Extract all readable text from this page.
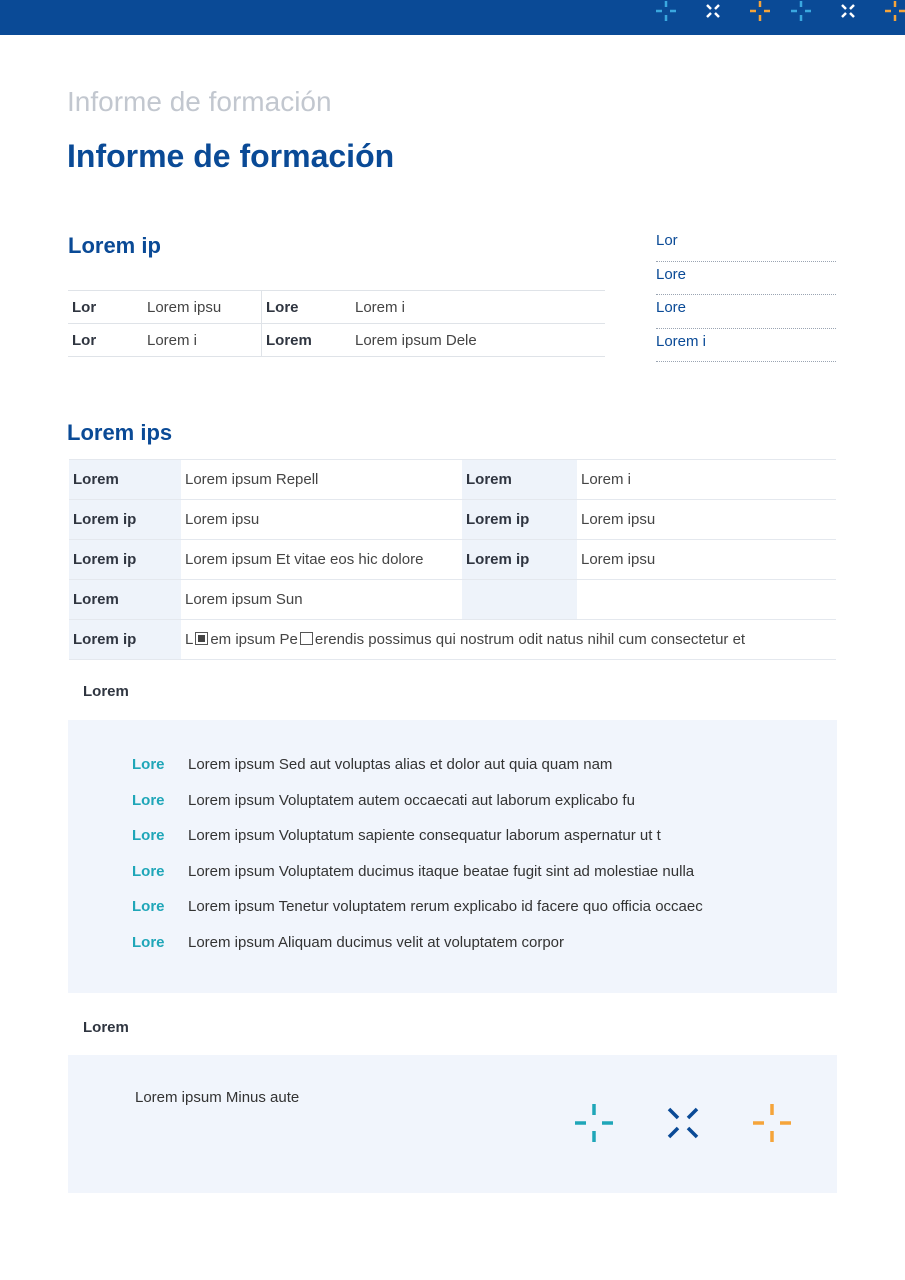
Informe de formación
Informe de formación
Lorem ip
Lor	Lorem ipsu	Lore	Lorem i
Lor	Lorem i	Lorem	Lorem ipsum Dele
Lor
Lore
Lore
Lorem i
Lorem ips
Lorem	Lorem ipsum Repell	Lorem	Lorem i
Lorem ip	Lorem ipsu	Lorem ip	Lorem ipsu
Lorem ip	Lorem ipsum Et vitae eos hic dolore	Lorem ip	Lorem ipsu
Lorem	Lorem ipsum Sun		
Lorem ip	L em ipsum Pe erendis possimus qui nostrum odit natus nihil cum consectetur et		
Lorem
Lore	Lorem ipsum Sed aut voluptas alias et dolor aut quia quam nam
Lore	Lorem ipsum Voluptatem autem occaecati aut laborum explicabo fu
Lore	Lorem ipsum Voluptatum sapiente consequatur laborum aspernatur ut t
Lore	Lorem ipsum Voluptatem ducimus itaque beatae fugit sint ad molestiae nulla
Lore	Lorem ipsum Tenetur voluptatem rerum explicabo id facere quo officia occaec
Lore	Lorem ipsum Aliquam ducimus velit at voluptatem corpor
Lorem
Lorem ipsum Minus aute
